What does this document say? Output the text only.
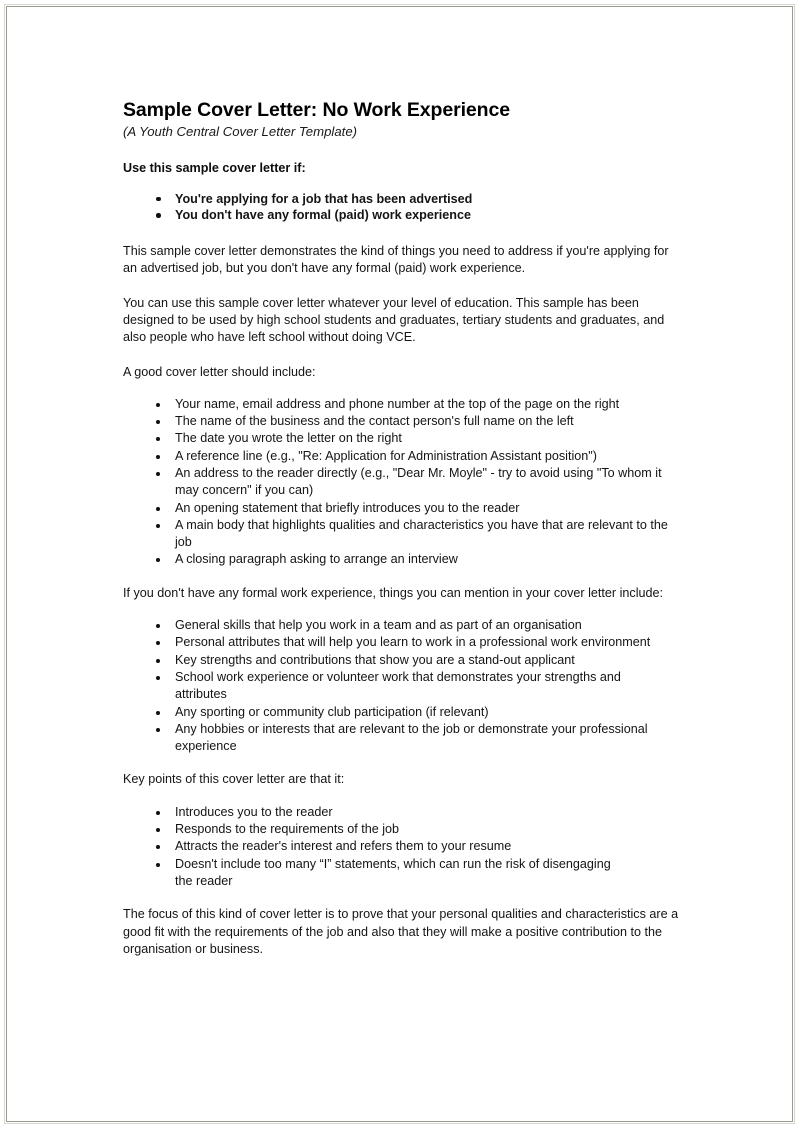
Sample Cover Letter: No Work Experience
(A Youth Central Cover Letter Template)
Use this sample cover letter if:
You're applying for a job that has been advertised
You don't have any formal (paid) work experience

This sample cover letter demonstrates the kind of things you need to address if you're applying for an advertised job, but you don't have any formal (paid) work experience.

You can use this sample cover letter whatever your level of education. This sample has been designed to be used by high school students and graduates, tertiary students and graduates, and also people who have left school without doing VCE.

A good cover letter should include:

Your name, email address and phone number at the top of the page on the right
The name of the business and the contact person's full name on the left
The date you wrote the letter on the right
A reference line (e.g., "Re: Application for Administration Assistant position")
An address to the reader directly (e.g., "Dear Mr. Moyle" - try to avoid using "To whom it may concern" if you can)
An opening statement that briefly introduces you to the reader
A main body that highlights qualities and characteristics you have that are relevant to the job
A closing paragraph asking to arrange an interview

If you don't have any formal work experience, things you can mention in your cover letter include:

General skills that help you work in a team and as part of an organisation
Personal attributes that will help you learn to work in a professional work environment
Key strengths and contributions that show you are a stand-out applicant
School work experience or volunteer work that demonstrates your strengths and attributes
Any sporting or community club participation (if relevant)
Any hobbies or interests that are relevant to the job or demonstrate your professional experience

Key points of this cover letter are that it:

Introduces you to the reader
Responds to the requirements of the job
Attracts the reader's interest and refers them to your resume
Doesn't include too many “I” statements, which can run the risk of disengaging the reader

The focus of this kind of cover letter is to prove that your personal qualities and characteristics are a good fit with the requirements of the job and also that they will make a positive contribution to the organisation or business.
